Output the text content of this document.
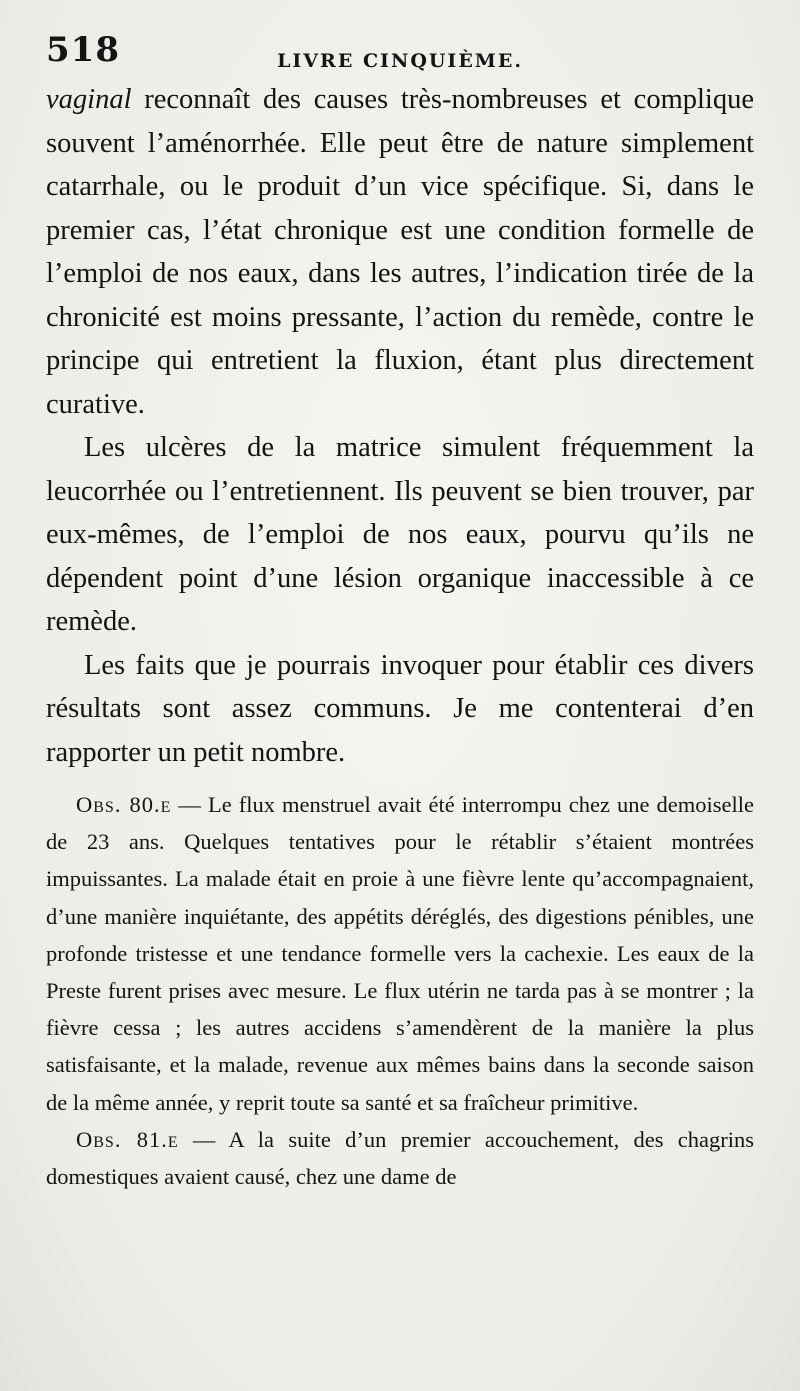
518	LIVRE CINQUIÈME.

vaginal reconnaît des causes très-nombreuses et complique souvent l’aménorrhée. Elle peut être de nature simplement catarrhale, ou le produit d’un vice spécifique. Si, dans le premier cas, l’état chronique est une condition formelle de l’emploi de nos eaux, dans les autres, l’indication tirée de la chronicité est moins pressante, l’action du remède, contre le principe qui entretient la fluxion, étant plus directement curative.

Les ulcères de la matrice simulent fréquemment la leucorrhée ou l’entretiennent. Ils peuvent se bien trouver, par eux-mêmes, de l’emploi de nos eaux, pourvu qu’ils ne dépendent point d’une lésion organique inaccessible à ce remède.

Les faits que je pourrais invoquer pour établir ces divers résultats sont assez communs. Je me contenterai d’en rapporter un petit nombre.

Obs. 80.e — Le flux menstruel avait été interrompu chez une demoiselle de 23 ans. Quelques tentatives pour le rétablir s’étaient montrées impuissantes. La malade était en proie à une fièvre lente qu’accompagnaient, d’une manière inquiétante, des appétits déréglés, des digestions pénibles, une profonde tristesse et une tendance formelle vers la cachexie. Les eaux de la Preste furent prises avec mesure. Le flux utérin ne tarda pas à se montrer ; la fièvre cessa ; les autres accidens s’amendèrent de la manière la plus satisfaisante, et la malade, revenue aux mêmes bains dans la seconde saison de la même année, y reprit toute sa santé et sa fraîcheur primitive.

Obs. 81.e — A la suite d’un premier accouchement, des chagrins domestiques avaient causé, chez une dame de
